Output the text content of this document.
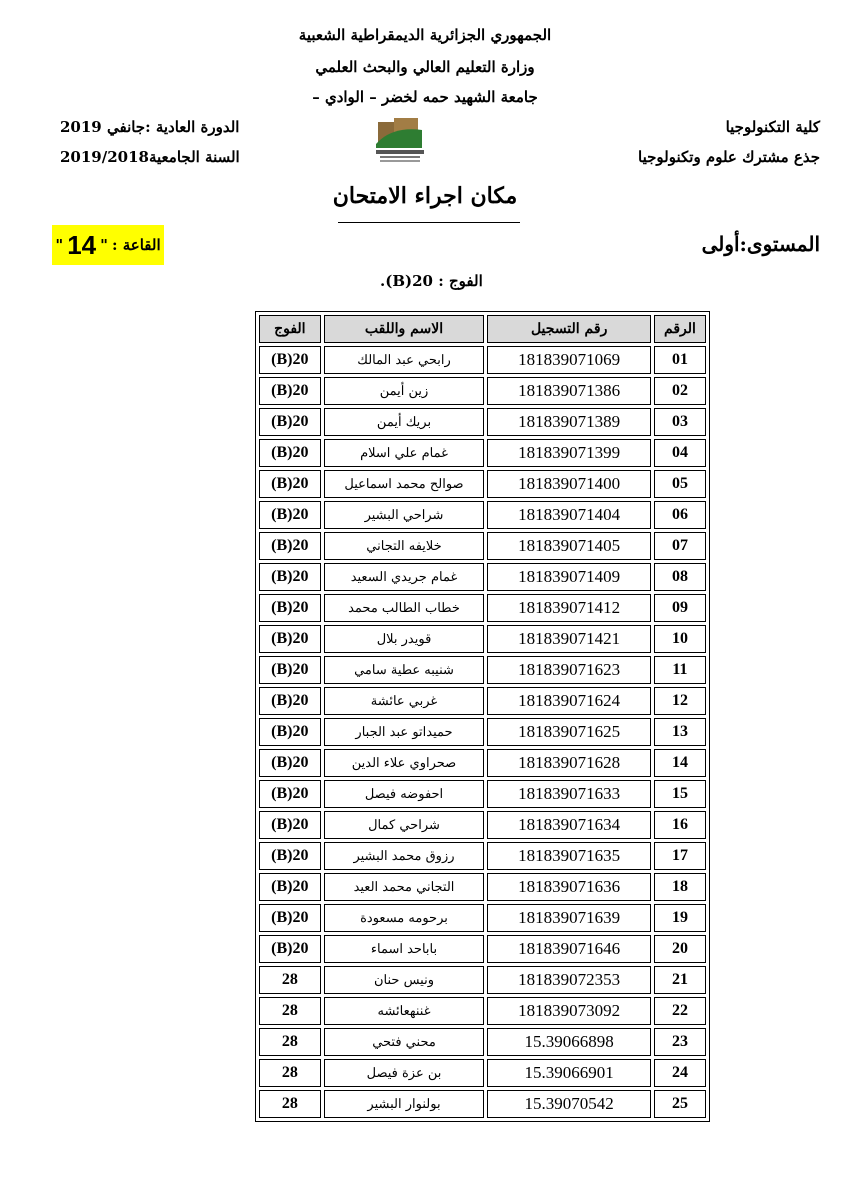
الجمهوري الجزائرية الديمقراطية الشعبية
وزارة التعليم العالي والبحث العلمي
جامعة الشهيد حمه لخضر – الوادي –
كلية التكنولوجيا
جذع مشترك علوم وتكنولوجيا
الدورة العادية :جانفي 2019
السنة الجامعية2019/2018
مكان اجراء الامتحان
المستوى:أولى
القاعة :
"
14
"
الفوج : 20(B).
الرقم	رقم التسجيل	الاسم واللقب	الفوج
01	181839071069	رابحي عبد المالك	20(B)
02	181839071386	زين أيمن	20(B)
03	181839071389	بريك أيمن	20(B)
04	181839071399	غمام علي اسلام	20(B)
05	181839071400	صوالح محمد اسماعيل	20(B)
06	181839071404	شراحي البشير	20(B)
07	181839071405	خلايفه التجاني	20(B)
08	181839071409	غمام جريدي السعيد	20(B)
09	181839071412	خطاب الطالب محمد	20(B)
10	181839071421	قويدر بلال	20(B)
11	181839071623	شنيبه عطية سامي	20(B)
12	181839071624	غربي عائشة	20(B)
13	181839071625	حميداتو عبد الجبار	20(B)
14	181839071628	صحراوي علاء الدين	20(B)
15	181839071633	احفوضه فيصل	20(B)
16	181839071634	شراحي كمال	20(B)
17	181839071635	رزوق محمد البشير	20(B)
18	181839071636	التجاني محمد العيد	20(B)
19	181839071639	برحومه مسعودة	20(B)
20	181839071646	باباحد اسماء	20(B)
21	181839072353	ونيس حنان	28
22	181839073092	غننهعائشه	28
23	15.39066898	محني فتحي	28
24	15.39066901	بن عزة فيصل	28
25	15.39070542	بولنوار البشير	28
